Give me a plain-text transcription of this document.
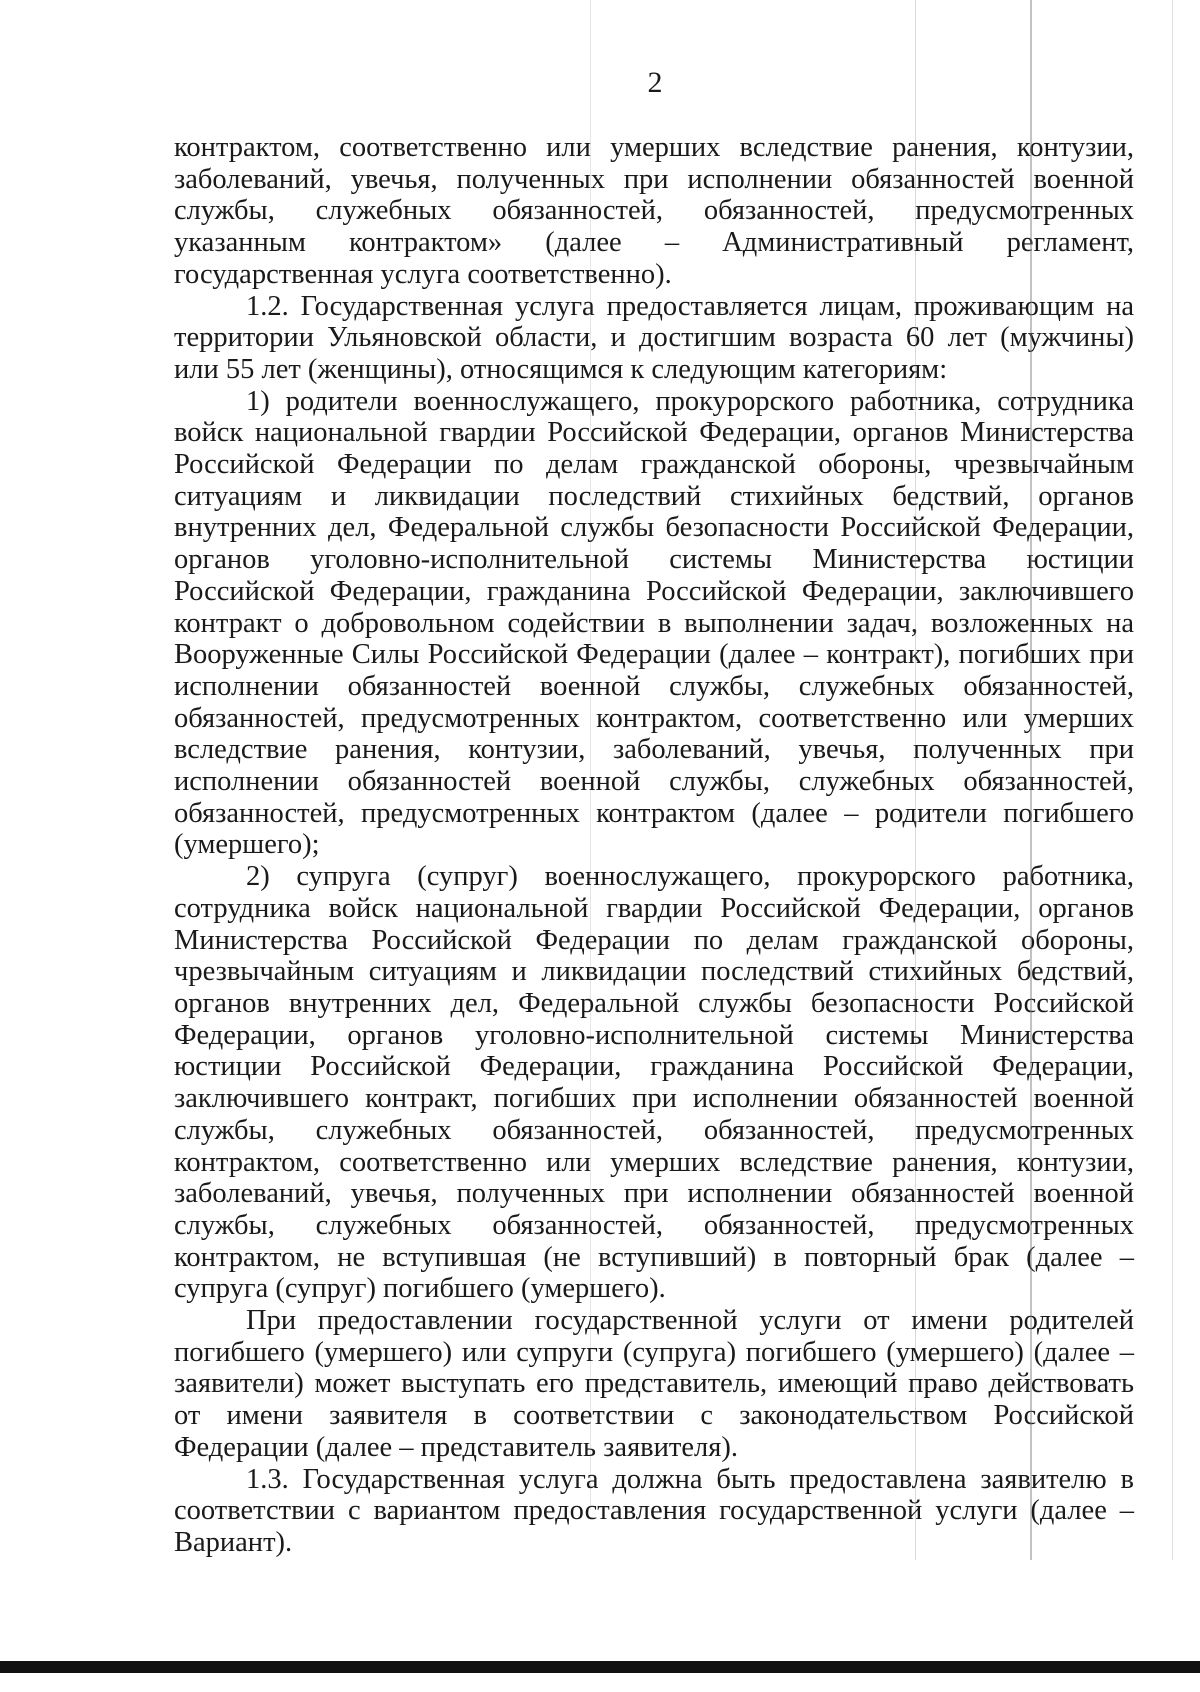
2

контрактом, соответственно или умерших вследствие ранения, контузии, заболеваний, увечья, полученных при исполнении обязанностей военной службы, служебных обязанностей, обязанностей, предусмотренных указанным контрактом» (далее – Административный регламент, государственная услуга соответственно).

1.2. Государственная услуга предоставляется лицам, проживающим на территории Ульяновской области, и достигшим возраста 60 лет (мужчины) или 55 лет (женщины), относящимся к следующим категориям:

1) родители военнослужащего, прокурорского работника, сотрудника войск национальной гвардии Российской Федерации, органов Министерства Российской Федерации по делам гражданской обороны, чрезвычайным ситуациям и ликвидации последствий стихийных бедствий, органов внутренних дел, Федеральной службы безопасности Российской Федерации, органов уголовно-исполнительной системы Министерства юстиции Российской Федерации, гражданина Российской Федерации, заключившего контракт о добровольном содействии в выполнении задач, возложенных на Вооруженные Силы Российской Федерации (далее – контракт), погибших при исполнении обязанностей военной службы, служебных обязанностей, обязанностей, предусмотренных контрактом, соответственно или умерших вследствие ранения, контузии, заболеваний, увечья, полученных при исполнении обязанностей военной службы, служебных обязанностей, обязанностей, предусмотренных контрактом (далее – родители погибшего (умершего);

2) супруга (супруг) военнослужащего, прокурорского работника, сотрудника войск национальной гвардии Российской Федерации, органов Министерства Российской Федерации по делам гражданской обороны, чрезвычайным ситуациям и ликвидации последствий стихийных бедствий, органов внутренних дел, Федеральной службы безопасности Российской Федерации, органов уголовно-исполнительной системы Министерства юстиции Российской Федерации, гражданина Российской Федерации, заключившего контракт, погибших при исполнении обязанностей военной службы, служебных обязанностей, обязанностей, предусмотренных контрактом, соответственно или умерших вследствие ранения, контузии, заболеваний, увечья, полученных при исполнении обязанностей военной службы, служебных обязанностей, обязанностей, предусмотренных контрактом, не вступившая (не вступивший) в повторный брак (далее – супруга (супруг) погибшего (умершего).

При предоставлении государственной услуги от имени родителей погибшего (умершего) или супруги (супруга) погибшего (умершего) (далее – заявители) может выступать его представитель, имеющий право действовать от имени заявителя в соответствии с законодательством Российской Федерации (далее – представитель заявителя).

1.3. Государственная услуга должна быть предоставлена заявителю в соответствии с вариантом предоставления государственной услуги (далее – Вариант).
